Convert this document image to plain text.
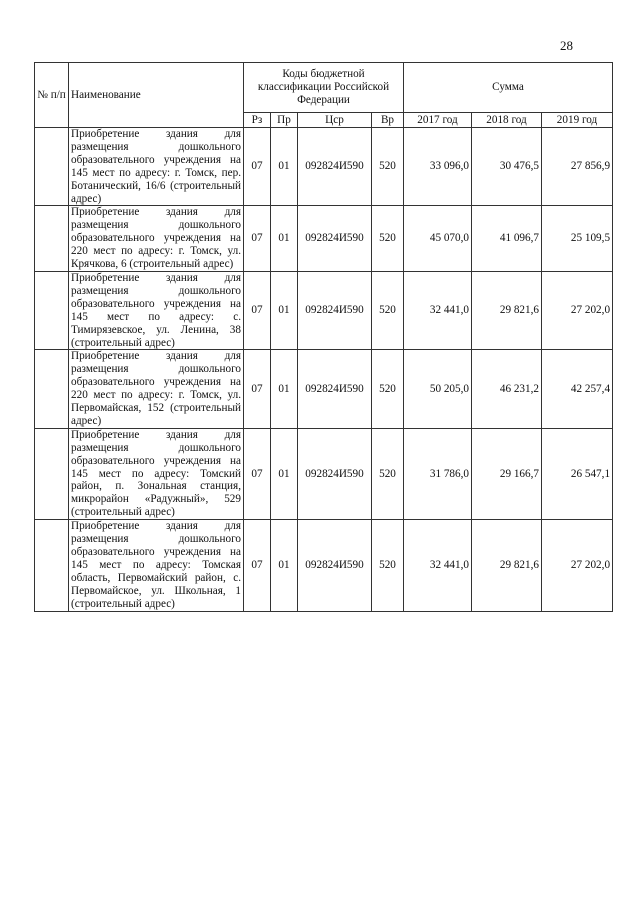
28
№ п/п	Наименование	Коды бюджетной классификации Российской Федерации				Сумма		
		Рз	Пр	Цср	Вр	2017 год	2018 год	2019 год
	Приобретение здания для размещения дошкольного образовательного учреждения на 145 мест по адресу: г. Томск, пер. Ботанический, 16/6 (строительный адрес)	07	01	092824И590	520	33 096,0	30 476,5	27 856,9
	Приобретение здания для размещения дошкольного образовательного учреждения на 220 мест по адресу: г. Томск, ул. Крячкова, 6 (строительный адрес)	07	01	092824И590	520	45 070,0	41 096,7	25 109,5
	Приобретение здания для размещения дошкольного образовательного учреждения на 145 мест по адресу: с. Тимирязевское, ул. Ленина, 38 (строительный адрес)	07	01	092824И590	520	32 441,0	29 821,6	27 202,0
	Приобретение здания для размещения дошкольного образовательного учреждения на 220 мест по адресу: г. Томск, ул. Первомайская, 152 (строительный адрес)	07	01	092824И590	520	50 205,0	46 231,2	42 257,4
	Приобретение здания для размещения дошкольного образовательного учреждения на 145 мест по адресу: Томский район, п. Зональная станция, микрорайон «Радужный», 529 (строительный адрес)	07	01	092824И590	520	31 786,0	29 166,7	26 547,1
	Приобретение здания для размещения дошкольного образовательного учреждения на 145 мест по адресу: Томская область, Первомайский район, с. Первомайское, ул. Школьная, 1 (строительный адрес)	07	01	092824И590	520	32 441,0	29 821,6	27 202,0
